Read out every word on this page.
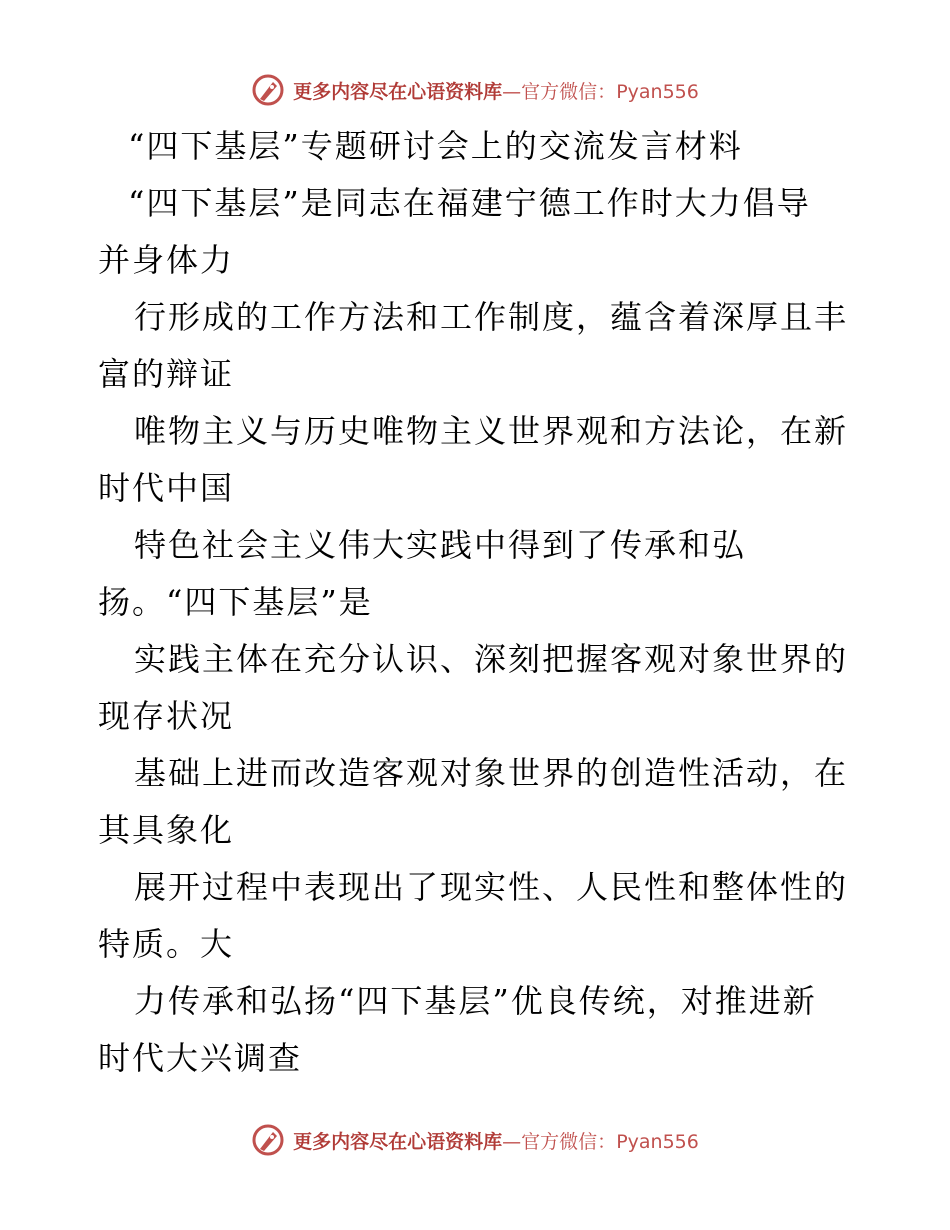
更多内容尽在心语资料库—官方微信：Pyan556
“四下基层”专题研讨会上的交流发言材料
“四下基层”是同志在福建宁德工作时大力倡导
并身体力
行形成的工作方法和工作制度，蕴含着深厚且丰
富的辩证
唯物主义与历史唯物主义世界观和方法论，在新
时代中国
特色社会主义伟大实践中得到了传承和弘
扬。“四下基层”是
实践主体在充分认识、深刻把握客观对象世界的
现存状况
基础上进而改造客观对象世界的创造性活动，在
其具象化
展开过程中表现出了现实性、人民性和整体性的
特质。大
力传承和弘扬“四下基层”优良传统，对推进新
时代大兴调查
更多内容尽在心语资料库—官方微信：Pyan556
